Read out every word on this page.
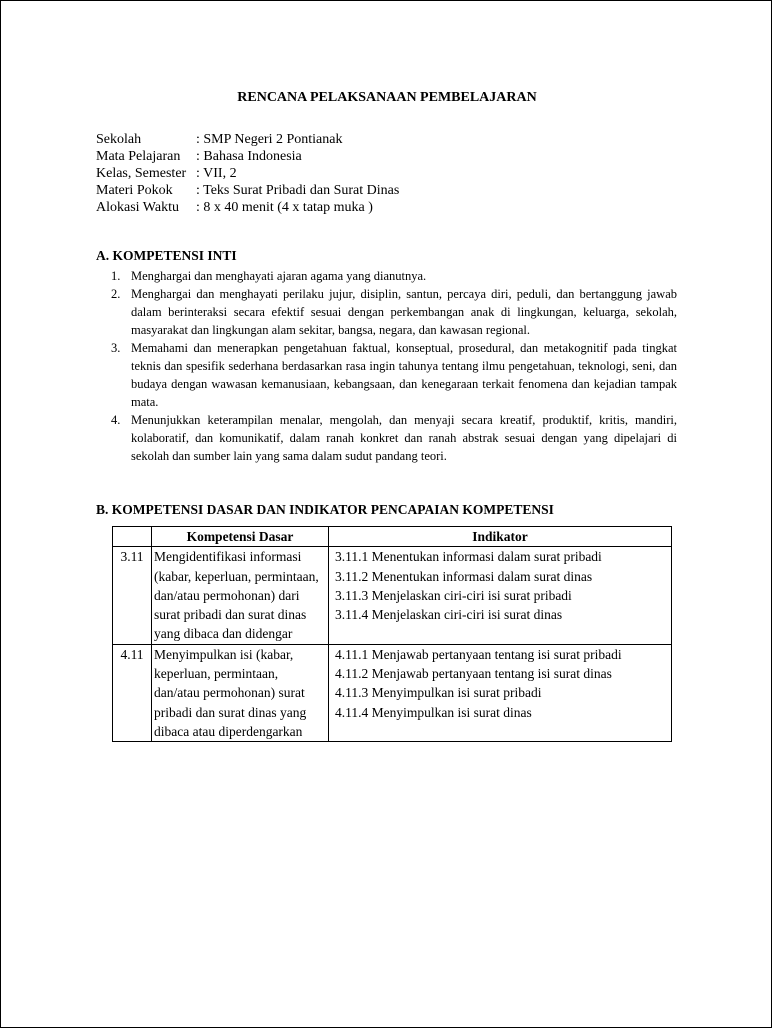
RENCANA PELAKSANAAN PEMBELAJARAN
Sekolah	: SMP Negeri 2 Pontianak
Mata Pelajaran	: Bahasa Indonesia
Kelas, Semester : VII, 2
Materi Pokok	: Teks Surat Pribadi dan Surat Dinas
Alokasi Waktu	: 8 x 40 menit (4 x tatap muka )
A. KOMPETENSI INTI
1. Menghargai dan menghayati ajaran agama yang dianutnya.
2. Menghargai dan menghayati perilaku jujur, disiplin, santun, percaya diri, peduli, dan bertanggung jawab dalam berinteraksi secara efektif sesuai dengan perkembangan anak di lingkungan, keluarga, sekolah, masyarakat dan lingkungan alam sekitar, bangsa, negara, dan kawasan regional.
3. Memahami dan menerapkan pengetahuan faktual, konseptual, prosedural, dan metakognitif pada tingkat teknis dan spesifik sederhana berdasarkan rasa ingin tahunya tentang ilmu pengetahuan, teknologi, seni, dan budaya dengan wawasan kemanusiaan, kebangsaan, dan kenegaraan terkait fenomena dan kejadian tampak mata.
4. Menunjukkan keterampilan menalar, mengolah, dan menyaji secara kreatif, produktif, kritis, mandiri, kolaboratif, dan komunikatif, dalam ranah konkret dan ranah abstrak sesuai dengan yang dipelajari di sekolah dan sumber lain yang sama dalam sudut pandang teori.
B. KOMPETENSI DASAR DAN INDIKATOR PENCAPAIAN KOMPETENSI
	Kompetensi Dasar	Indikator
3.11	Mengidentifikasi informasi (kabar, keperluan, permintaan, dan/atau permohonan) dari surat pribadi dan surat dinas yang dibaca dan didengar	3.11.1 Menentukan informasi dalam surat pribadi
3.11.2 Menentukan informasi dalam surat dinas
3.11.3 Menjelaskan ciri-ciri isi surat pribadi
3.11.4 Menjelaskan ciri-ciri isi surat dinas

4.11	Menyimpulkan isi (kabar, keperluan, permintaan, dan/atau permohonan) surat pribadi dan surat dinas yang dibaca atau diperdengarkan	4.11.1 Menjawab pertanyaan tentang isi surat pribadi
4.11.2 Menjawab pertanyaan tentang isi surat dinas
4.11.3 Menyimpulkan isi surat pribadi
4.11.4 Menyimpulkan isi surat dinas
